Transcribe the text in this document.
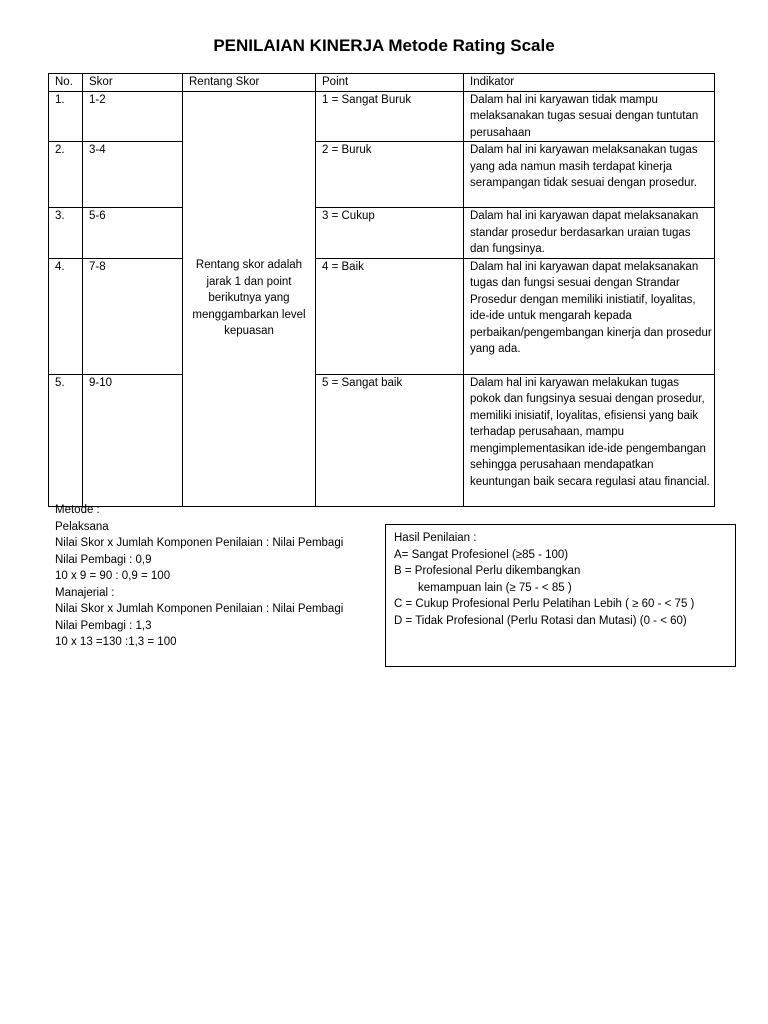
PENILAIAN KINERJA Metode Rating Scale
No.	Skor	Rentang Skor	Point	Indikator
1.	1-2	Rentang skor adalah jarak 1 dan point berikutnya yang menggambarkan level kepuasan	1 = Sangat Buruk	Dalam hal ini karyawan tidak mampu melaksanakan tugas sesuai dengan tuntutan perusahaan
2.	3-4		2 = Buruk	Dalam hal ini karyawan melaksanakan tugas yang ada namun masih terdapat kinerja serampangan tidak sesuai dengan prosedur.
3.	5-6		3 = Cukup	Dalam hal ini karyawan dapat melaksanakan standar prosedur berdasarkan uraian tugas dan fungsinya.
4.	7-8		4 = Baik	Dalam hal ini karyawan dapat melaksanakan tugas dan fungsi sesuai dengan Strandar Prosedur dengan memiliki inistiatif, loyalitas, ide-ide untuk mengarah kepada perbaikan/pengembangan kinerja dan prosedur yang ada.
5.	9-10		5 = Sangat baik	Dalam hal ini karyawan melakukan tugas pokok dan fungsinya sesuai dengan prosedur, memiliki inisiatif, loyalitas, efisiensi yang baik terhadap perusahaan, mampu mengimplementasikan ide-ide pengembangan sehingga perusahaan mendapatkan keuntungan baik secara regulasi atau financial.
Metode :
Pelaksana
Nilai Skor x Jumlah Komponen Penilaian : Nilai Pembagi
Nilai Pembagi : 0,9
10 x 9 = 90 : 0,9 = 100
Manajerial :
Nilai Skor x Jumlah Komponen Penilaian : Nilai Pembagi
Nilai Pembagi : 1,3
10 x 13 =130 :1,3 = 100
Hasil Penilaian :
A= Sangat Profesionel (≥85 - 100)
B = Profesional Perlu dikembangkan
kemampuan lain (≥ 75 - < 85 )
C = Cukup Profesional Perlu Pelatihan Lebih ( ≥ 60 - < 75 )
D = Tidak Profesional (Perlu Rotasi dan Mutasi) (0 - < 60)
